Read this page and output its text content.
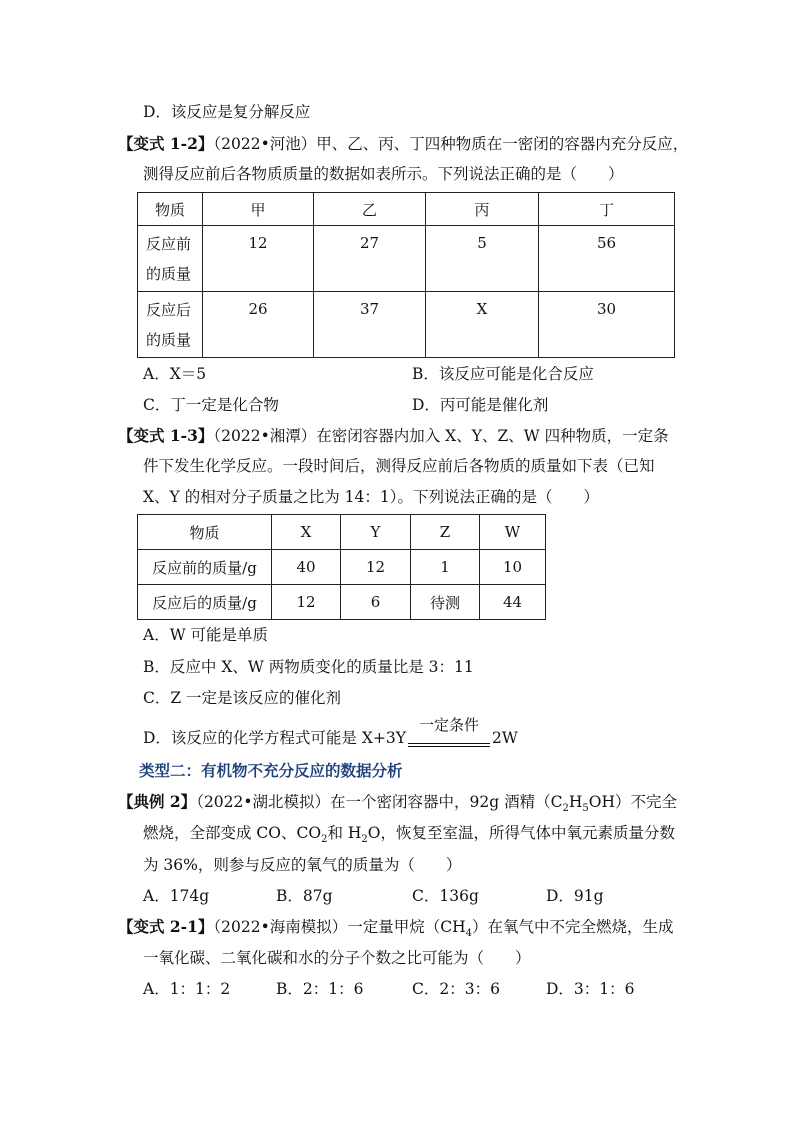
D．该反应是复分解反应
【变式 1-2】（2022•河池）甲、乙、丙、丁四种物质在一密闭的容器内充分反应，
测得反应前后各物质质量的数据如表所示。下列说法正确的是（　　）
物质	甲	乙	丙	丁
反应前
的质量	12	27	5	56
反应后
的质量	26	37	X	30
A．X＝5	B．该反应可能是化合反应
C．丁一定是化合物	D．丙可能是催化剂
【变式 1-3】（2022•湘潭）在密闭容器内加入 X、Y、Z、W 四种物质，一定条
件下发生化学反应。一段时间后，测得反应前后各物质的质量如下表（已知
X、Y 的相对分子质量之比为 14：1）。下列说法正确的是（　　）
物质	X	Y	Z	W
反应前的质量/g	40	12	1	10
反应后的质量/g	12	6	待测	44
A．W 可能是单质
B．反应中 X、W 两物质变化的质量比是 3：11
C．Z 一定是该反应的催化剂
D．该反应的化学方程式可能是 X+3Y
一定条件
2W
类型二：有机物不充分反应的数据分析
【典例 2】（2022•湖北模拟）在一个密闭容器中，92g 酒精$(C_2H_5OH)$不完全
燃烧，全部变成 CO、$CO_2$和 $H_2O$，恢复至室温，所得气体中氧元素质量分数
为 36%，则参与反应的氧气的质量为（　　）
A．174g	B．87g	C．136g	D．91g
【变式 2-1】（2022•海南模拟）一定量甲烷$(CH_4)$在氧气中不完全燃烧，生成
一氧化碳、二氧化碳和水的分子个数之比可能为（　　）
A．1：1：2	B．2：1：6	C．2：3：6	D．3：1：6
